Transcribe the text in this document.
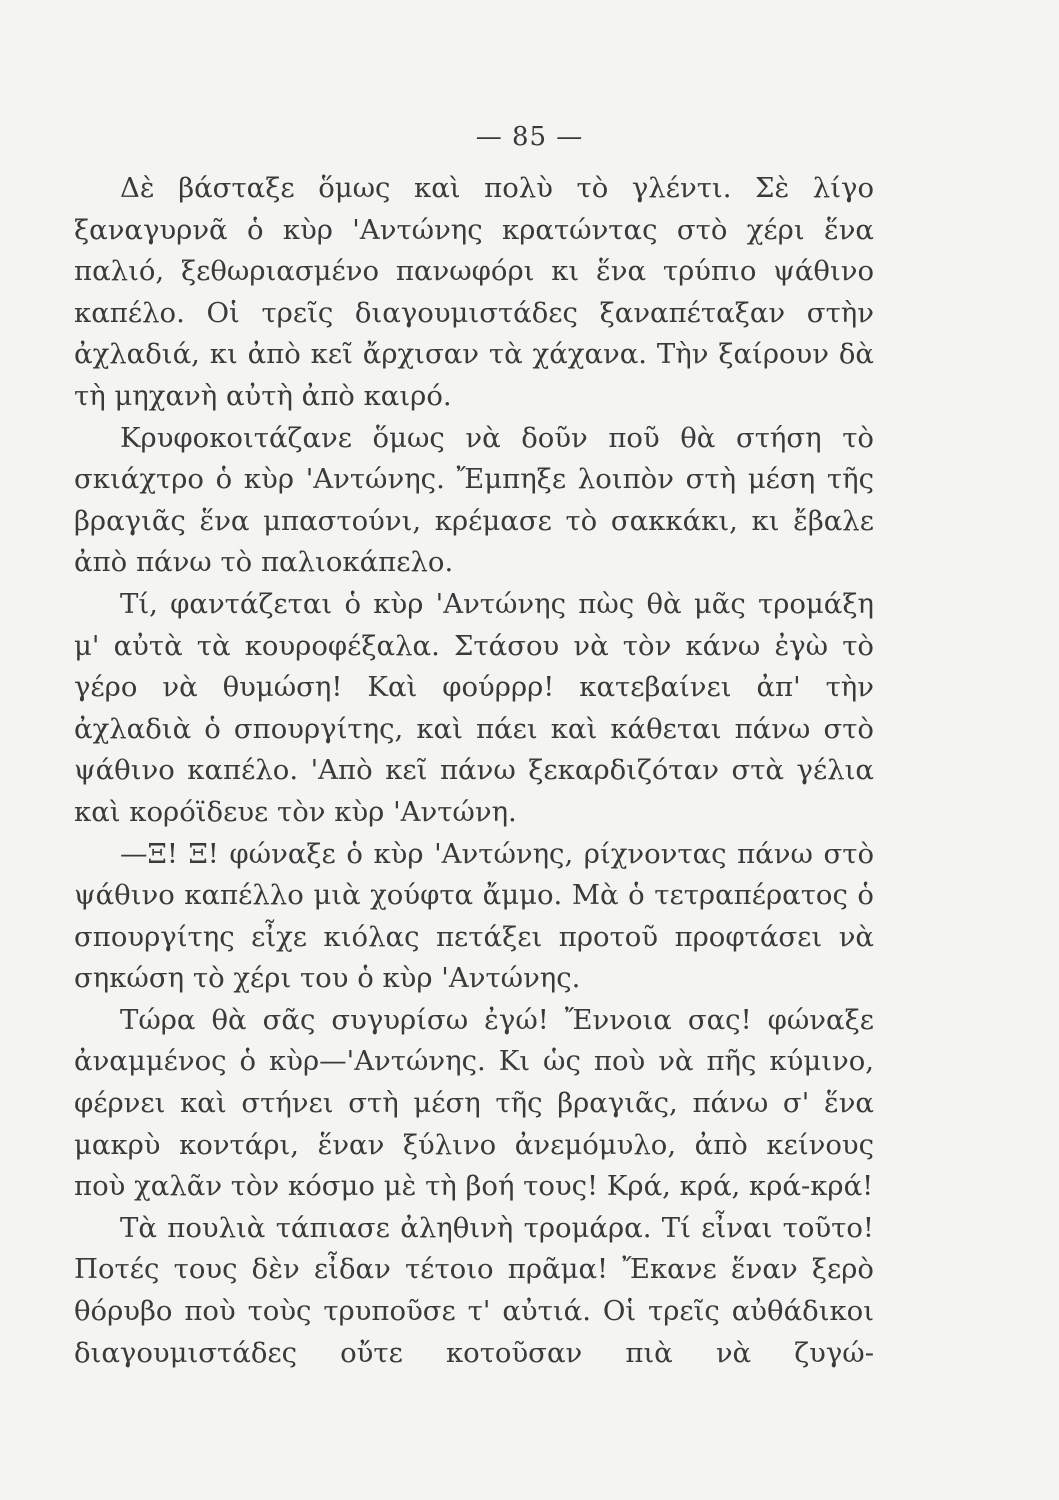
— 85 —

Δὲ βάσταξε ὅμως καὶ πολὺ τὸ γλέντι. Σὲ λίγο ξαναγυρνᾶ ὁ κὺρ 'Αντώνης κρατώντας στὸ χέρι ἕνα παλιό, ξεθωριασμένο πανωφόρι κι ἕνα τρύπιο ψάθινο καπέλο. Οἱ τρεῖς διαγουμιστάδες ξαναπέταξαν στὴν ἀχλαδιά, κι ἀπὸ κεῖ ἄρχισαν τὰ χάχανα. Τὴν ξαίρουν δὰ τὴ μηχανὴ αὐτὴ ἀπὸ καιρό.

Κρυφοκοιτάζανε ὅμως νὰ δοῦν ποῦ θὰ στήση τὸ σκιάχτρο ὁ κὺρ 'Αντώνης. Ἔμπηξε λοιπὸν στὴ μέση τῆς βραγιᾶς ἕνα μπαστούνι, κρέμασε τὸ σακκάκι, κι ἔβαλε ἀπὸ πάνω τὸ παλιοκάπελο.

Τί, φαντάζεται ὁ κὺρ 'Αντώνης πὼς θὰ μᾶς τρομάξη μ' αὐτὰ τὰ κουροφέξαλα. Στάσου νὰ τὸν κάνω ἐγὼ τὸ γέρο νὰ θυμώση! Καὶ φούρρρ! κατεβαίνει ἀπ' τὴν ἀχλαδιὰ ὁ σπουργίτης, καὶ πάει καὶ κάθεται πάνω στὸ ψάθινο καπέλο. 'Απὸ κεῖ πάνω ξεκαρδιζόταν στὰ γέλια καὶ κορόϊδευε τὸν κὺρ 'Αντώνη.

—Ξ! Ξ! φώναξε ὁ κὺρ 'Αντώνης, ρίχνοντας πάνω στὸ ψάθινο καπέλλο μιὰ χούφτα ἄμμο. Μὰ ὁ τετραπέρατος ὁ σπουργίτης εἶχε κιόλας πετάξει προτοῦ προφτάσει νὰ σηκώση τὸ χέρι του ὁ κὺρ 'Αντώνης.

Τώρα θὰ σᾶς συγυρίσω ἐγώ! Ἔννοια σας! φώναξε ἀναμμένος ὁ κὺρ—'Αντώνης. Κι ὡς ποὺ νὰ πῆς κύμινο, φέρνει καὶ στήνει στὴ μέση τῆς βραγιᾶς, πάνω σ' ἕνα μακρὺ κοντάρι, ἕναν ξύλινο ἀνεμόμυλο, ἀπὸ κείνους ποὺ χαλᾶν τὸν κόσμο μὲ τὴ βοή τους! Κρά, κρά, κρά-κρά!

Τὰ πουλιὰ τάπιασε ἀληθινὴ τρομάρα. Τί εἶναι τοῦτο! Ποτές τους δὲν εἶδαν τέτοιο πρᾶμα! Ἔκανε ἕναν ξερὸ θόρυβο ποὺ τοὺς τρυποῦσε τ' αὐτιά. Οἱ τρεῖς αὐθάδικοι διαγουμιστάδες οὔτε κοτοῦσαν πιὰ νὰ ζυγώ-
